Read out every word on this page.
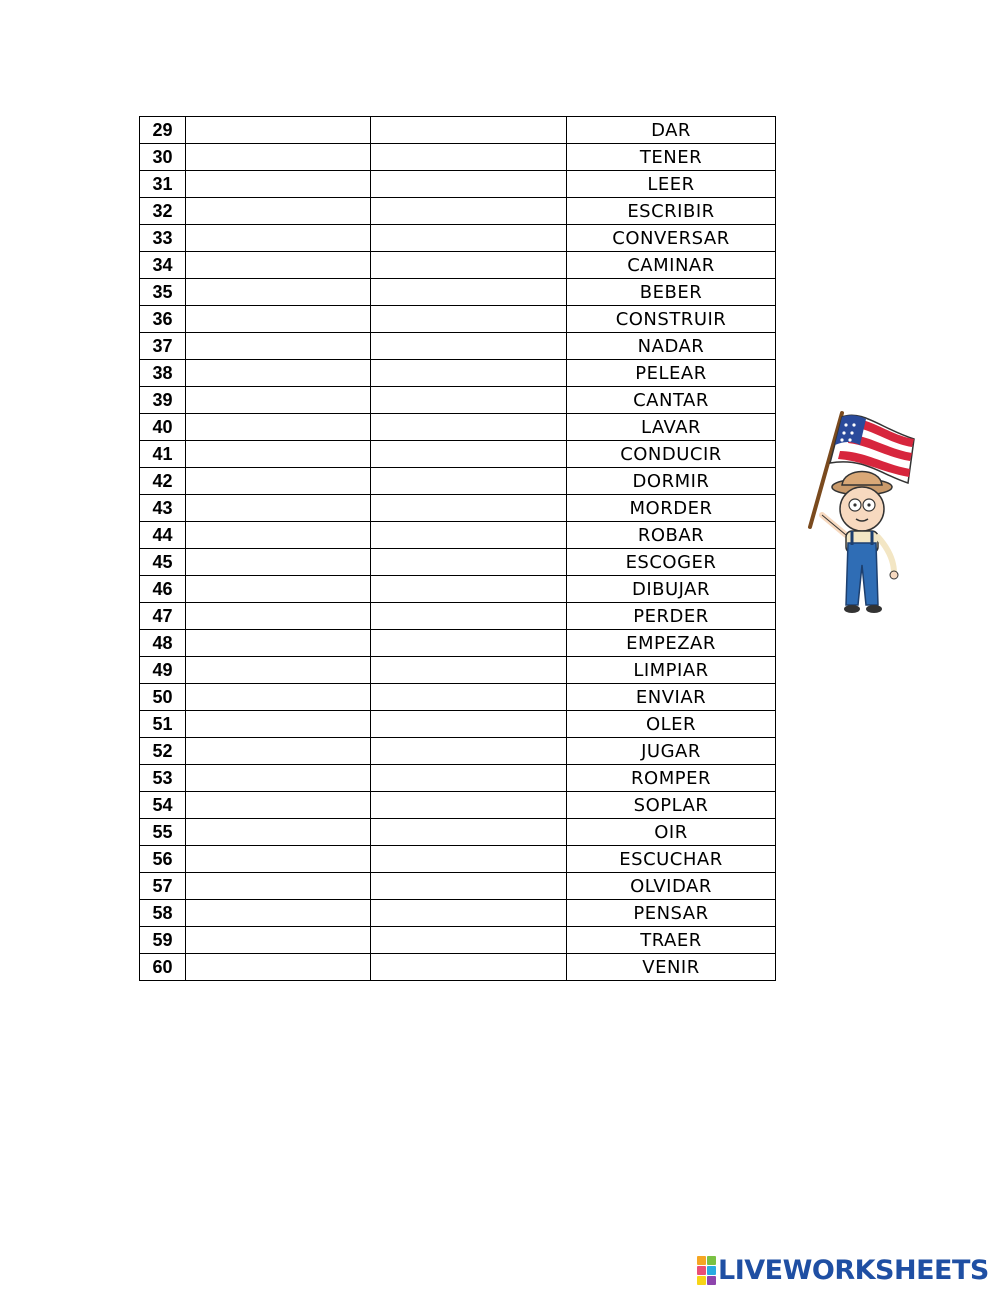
29			DAR
30			TENER
31			LEER
32			ESCRIBIR
33			CONVERSAR
34			CAMINAR
35			BEBER
36			CONSTRUIR
37			NADAR
38			PELEAR
39			CANTAR
40			LAVAR
41			CONDUCIR
42			DORMIR
43			MORDER
44			ROBAR
45			ESCOGER
46			DIBUJAR
47			PERDER
48			EMPEZAR
49			LIMPIAR
50			ENVIAR
51			OLER
52			JUGAR
53			ROMPER
54			SOPLAR
55			OIR
56			ESCUCHAR
57			OLVIDAR
58			PENSAR
59			TRAER
60			VENIR
LIVEWORKSHEETS
